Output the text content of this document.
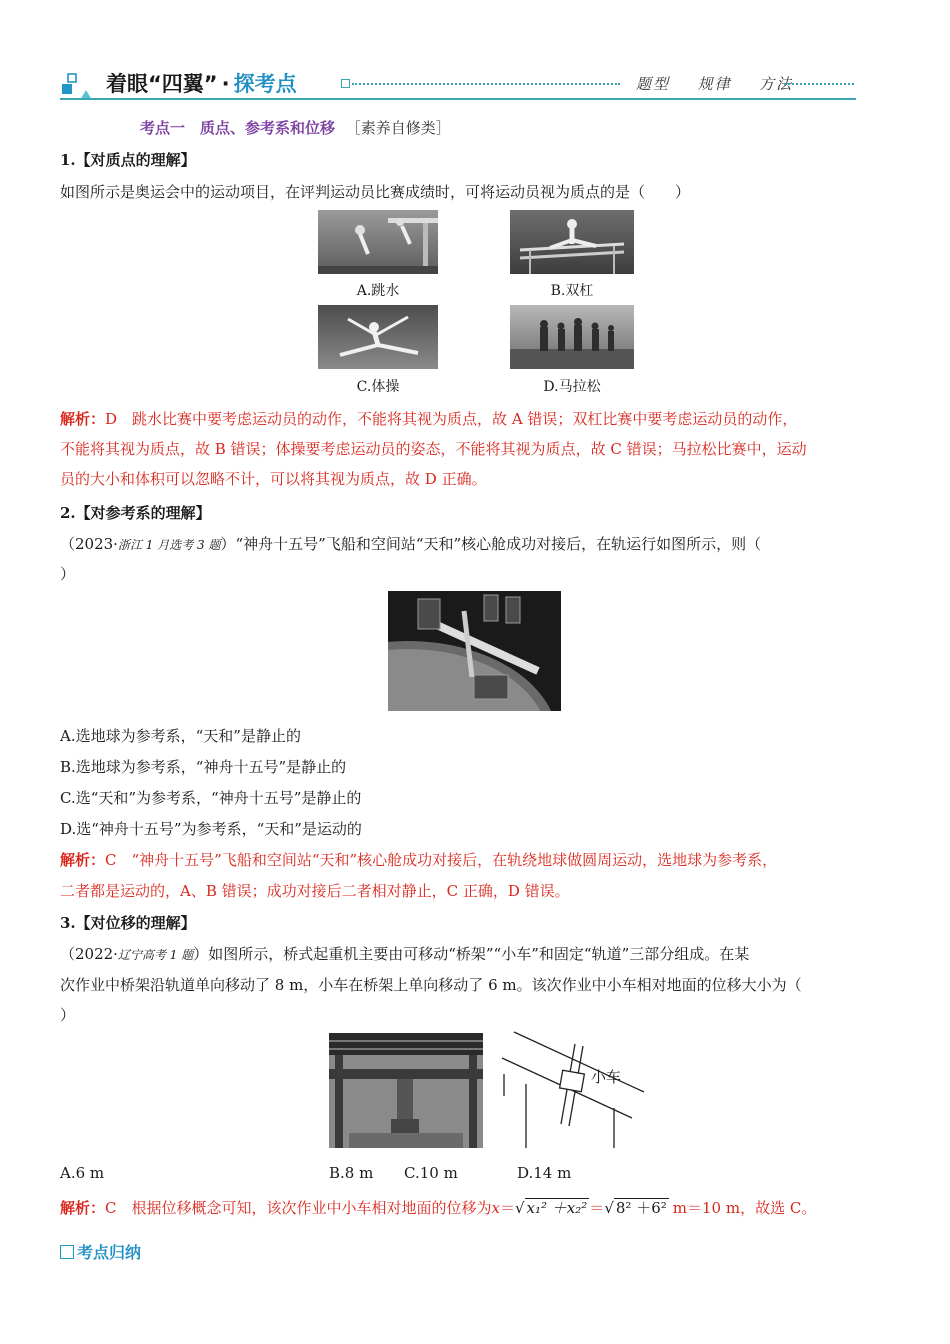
着眼“四翼” · 探考点	题型 规律 方法
考点一　质点、参考系和位移 ［素养自修类］
1.【对质点的理解】
如图所示是奥运会中的运动项目，在评判运动员比赛成绩时，可将运动员视为质点的是（　　）
A.跳水	B.双杠
C.体操	D.马拉松
解析：D　跳水比赛中要考虑运动员的动作，不能将其视为质点，故 A 错误；双杠比赛中要考虑运动员的动作，
不能将其视为质点，故 B 错误；体操要考虑运动员的姿态，不能将其视为质点，故 C 错误；马拉松比赛中，运动
员的大小和体积可以忽略不计，可以将其视为质点，故 D 正确。
2.【对参考系的理解】
（2023·浙江 1 月选考 3 题）“神舟十五号”飞船和空间站“天和”核心舱成功对接后，在轨运行如图所示，则（
）
A.选地球为参考系，“天和”是静止的
B.选地球为参考系，“神舟十五号”是静止的
C.选“天和”为参考系，“神舟十五号”是静止的
D.选“神舟十五号”为参考系，“天和”是运动的
解析：C　“神舟十五号”飞船和空间站“天和”核心舱成功对接后，在轨绕地球做圆周运动，选地球为参考系，
二者都是运动的，A、B 错误；成功对接后二者相对静止，C 正确，D 错误。
3.【对位移的理解】
（2022·辽宁高考 1 题）如图所示，桥式起重机主要由可移动“桥架”“小车”和固定“轨道”三部分组成。在某
次作业中桥架沿轨道单向移动了 8 m，小车在桥架上单向移动了 6 m。该次作业中小车相对地面的位移大小为（
）
小车
A.6 m	B.8 m C.10 m	D.14 m
解析：C　根据位移概念可知，该次作业中小车相对地面的位移为x＝√ x₁² ＋x₂² ＝√ 8² ＋6² m＝10 m，故选 C。
考点归纳
